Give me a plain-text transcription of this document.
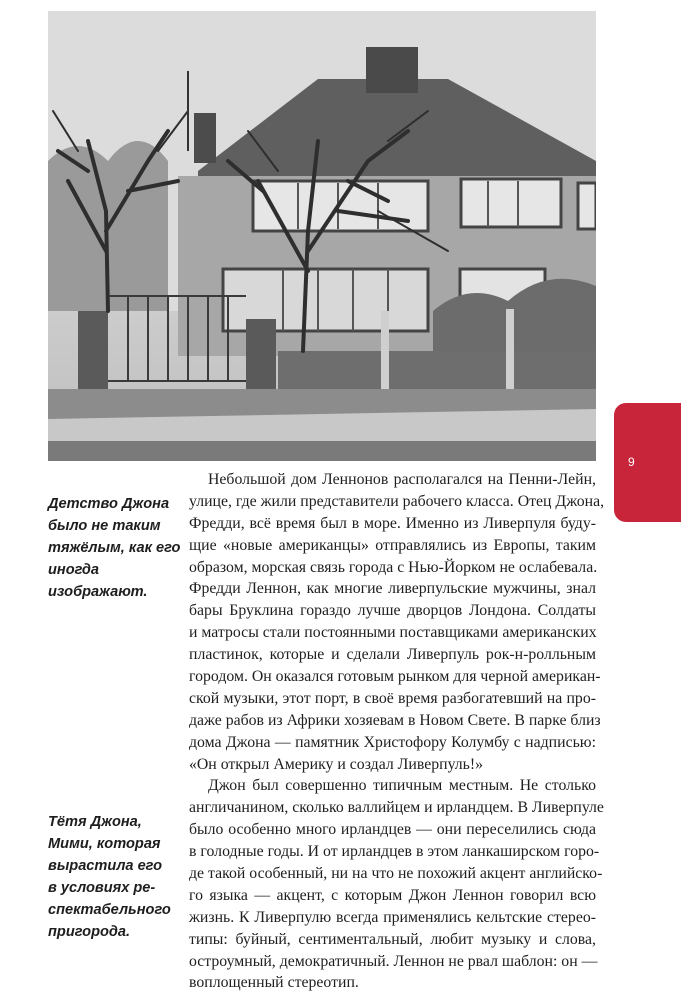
9
Детство Джона
было не таким
тяжёлым, как его
иногда
изображают.
Тётя Джона,
Мими, которая
вырастила его
в условиях ре-
спектабельного
пригорода.

Небольшой дом Леннонов располагался на Пенни-Лейн,
улице, где жили представители рабочего класса. Отец Джона,
Фредди, всё время был в море. Именно из Ливерпуля буду-
щие «новые американцы» отправлялись из Европы, таким
образом, морская связь города с Нью-Йорком не ослабевала.
Фредди Леннон, как многие ливерпульские мужчины, знал
бары Бруклина гораздо лучше дворцов Лондона. Солдаты
и матросы стали постоянными поставщиками американских
пластинок, которые и сделали Ливерпуль рок-н-ролльным
городом. Он оказался готовым рынком для черной американ-
ской музыки, этот порт, в своё время разбогатевший на про-
даже рабов из Африки хозяевам в Новом Свете. В парке близ
дома Джона — памятник Христофору Колумбу с надписью:
«Он открыл Америку и создал Ливерпуль!»

Джон был совершенно типичным местным. Не столько
англичанином, сколько валлийцем и ирландцем. В Ливерпуле
было особенно много ирландцев — они переселились сюда
в голодные годы. И от ирландцев в этом ланкаширском горо-
де такой особенный, ни на что не похожий акцент английско-
го языка — акцент, с которым Джон Леннон говорил всю
жизнь. К Ливерпулю всегда применялись кельтские стерео-
типы: буйный, сентиментальный, любит музыку и слова,
остроумный, демократичный. Леннон не рвал шаблон: он —
воплощенный стереотип.
